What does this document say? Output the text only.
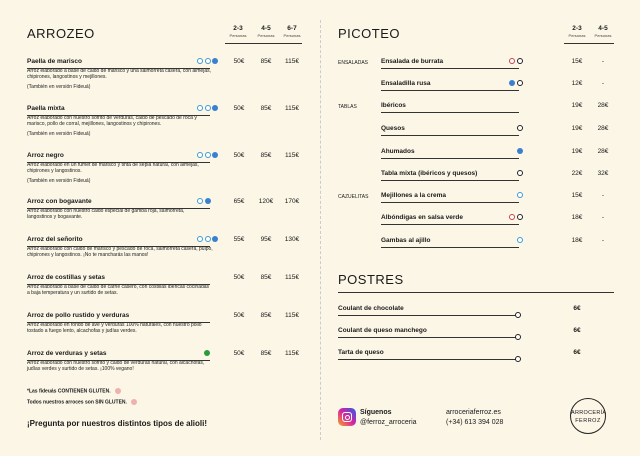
ARROZEO	2-3
Personas
4-5
Personas
6-7
Personas
Paella de marisco
Arroz elaborado a base de caldo de marisco y una salmorreta casera, con almejas, chipirones, langostinos y mejillones.
(También en versión Fideuá)
50€	85€	115€
Paella mixta
Arroz elaborado con nuestro sofrito de verduras, caldo de pescado de roca y marisco, pollo de corral, mejillones, langostinos y chipirones.
(También en versión Fideuá)
50€	85€	115€
Arroz negro
Arroz elaborado en un fumet de marisco y tinta de sepia natural, con almejas, chipirones y langostinos.
(También en versión Fideuá)
50€	85€	115€
Arroz con bogavante
Arroz elaborado con nuestro caldo especial de gamba roja, salmorreta, langostinos y bogavante.
65€	120€	170€
Arroz del señorito
Arroz elaborado con caldo de marisco y pescado de roca, salmorreta casera, pulpo, chipirones y langostinos. ¡No te mancharás las manos!
55€	95€	130€
Arroz de costillas y setas
Arroz elaborado a base de caldo de carne casero, con costillas ibéricas cocinadas a baja temperatura y un surtido de setas.
50€	85€	115€
Arroz de pollo rustido y verduras
Arroz elaborado en fondo de ave y verduras 100% naturales, con nuestro pollo tostado a fuego lento, alcachofas y judías verdes.
50€	85€	115€
Arroz de verduras y setas
Arroz elaborado con nuestro sofrito y caldo de verduras natural, con alcachofas, judías verdes y surtido de setas. ¡100% vegano!
50€	85€	115€
*Las fideuás CONTIENEN GLUTEN.
Todos nuestros arroces son SIN GLUTEN.
¡Pregunta por nuestros distintos tipos de alioli!
PICOTEO	2-3
Personas
4-5
Personas
ENSALADAS Ensalada de burrata	15€	-
Ensaladilla rusa	12€	-
TABLAS	Ibéricos	19€	28€
Quesos	19€	28€
Ahumados	19€	28€
Tabla mixta (ibéricos y quesos)	22€	32€
CAZUELITAS Mejillones a la crema	15€	-
Albóndigas en salsa verde	18€	-
Gambas al ajillo	18€	-
POSTRES
Coulant de chocolate	6€
Coulant de queso manchego	6€
Tarta de queso	6€
Síguenos
@ferroz_arroceria
arroceriaferroz.es
(+34) 613 394 028
ARROCERÍA
FERROZ
